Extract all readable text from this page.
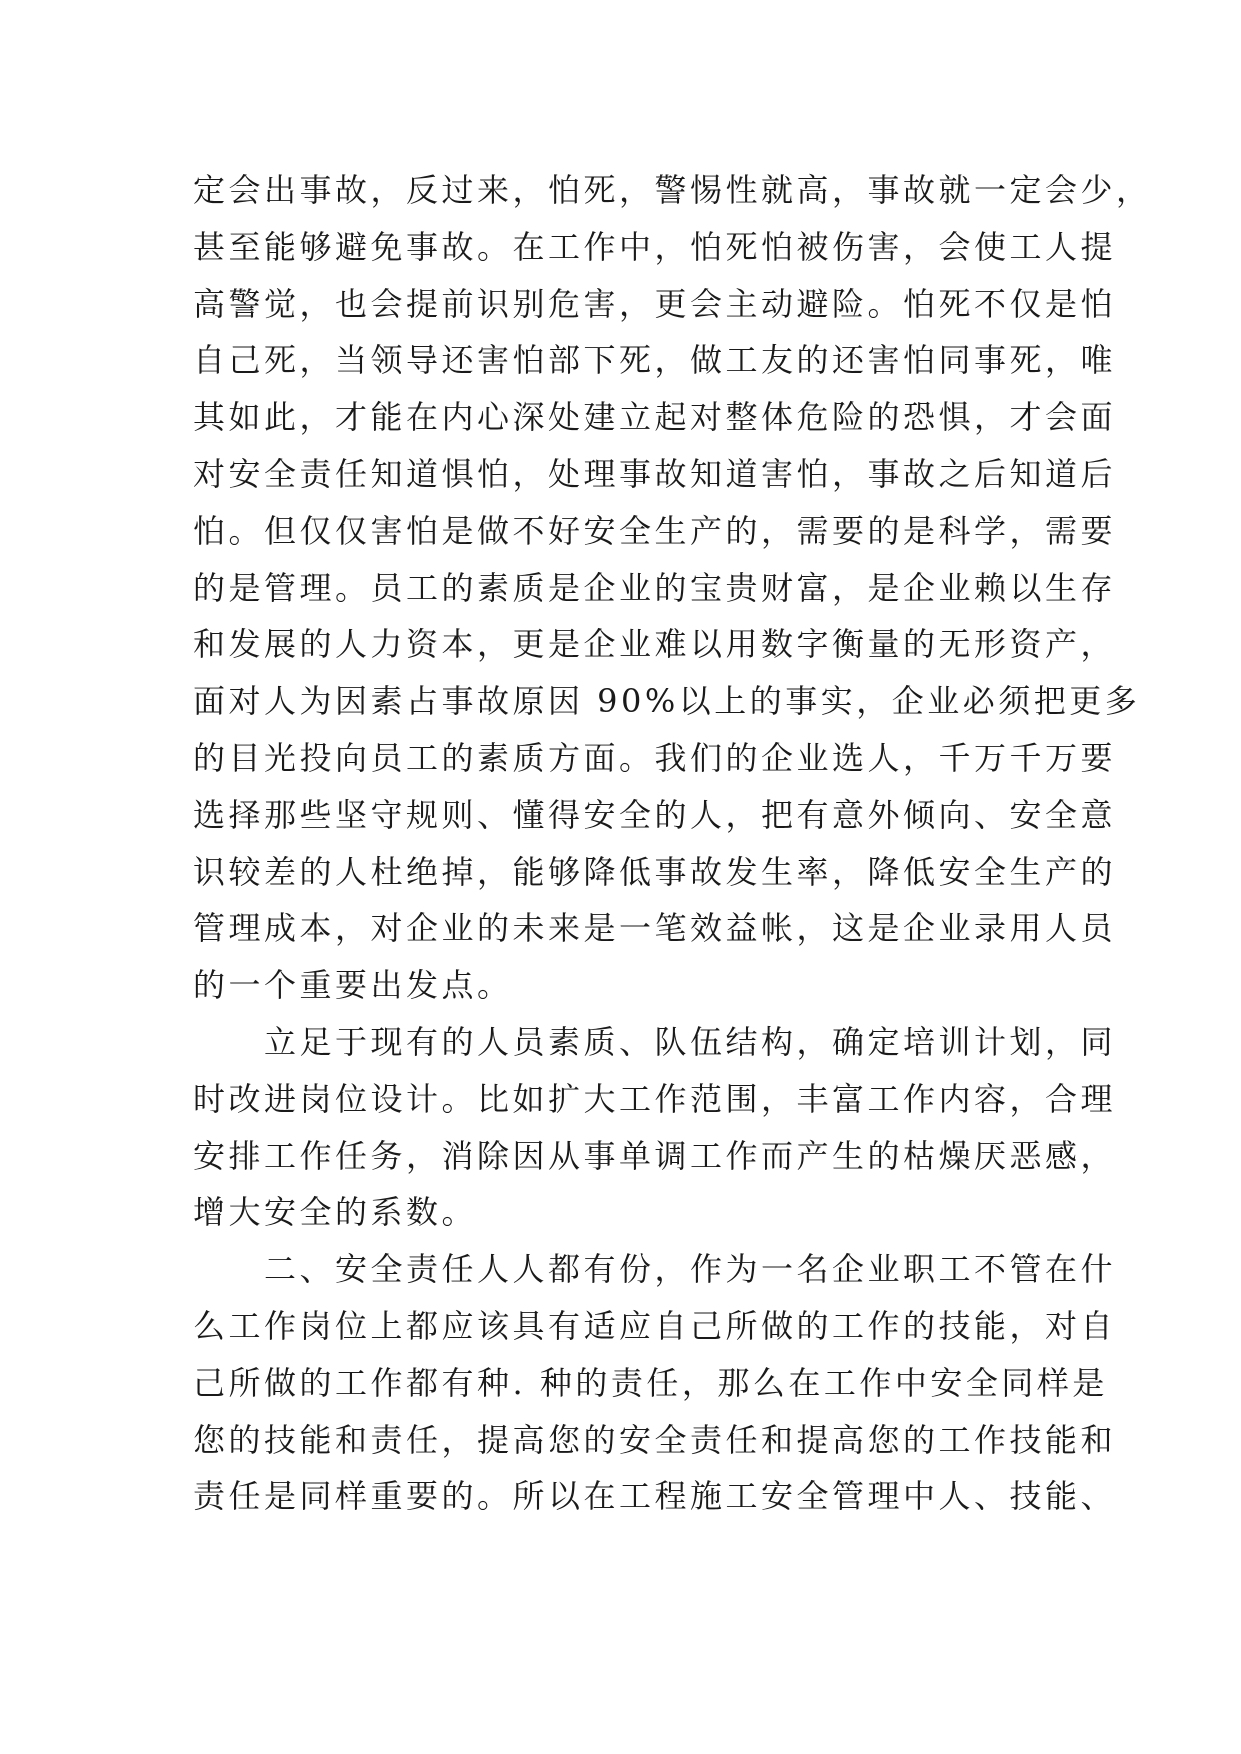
定会出事故，反过来，怕死，警惕性就高，事故就一定会少，
甚至能够避免事故。在工作中，怕死怕被伤害，会使工人提
高警觉，也会提前识别危害，更会主动避险。怕死不仅是怕
自己死，当领导还害怕部下死，做工友的还害怕同事死，唯
其如此，才能在内心深处建立起对整体危险的恐惧，才会面
对安全责任知道惧怕，处理事故知道害怕，事故之后知道后
怕。但仅仅害怕是做不好安全生产的，需要的是科学，需要
的是管理。员工的素质是企业的宝贵财富，是企业赖以生存
和发展的人力资本，更是企业难以用数字衡量的无形资产，
面对人为因素占事故原因 90%以上的事实，企业必须把更多
的目光投向员工的素质方面。我们的企业选人，千万千万要
选择那些坚守规则、懂得安全的人，把有意外倾向、安全意
识较差的人杜绝掉，能够降低事故发生率，降低安全生产的
管理成本，对企业的未来是一笔效益帐，这是企业录用人员
的一个重要出发点。
　　立足于现有的人员素质、队伍结构，确定培训计划，同
时改进岗位设计。比如扩大工作范围，丰富工作内容，合理
安排工作任务，消除因从事单调工作而产生的枯燥厌恶感，
增大安全的系数。
　　二、安全责任人人都有份，作为一名企业职工不管在什
么工作岗位上都应该具有适应自己所做的工作的技能，对自
己所做的工作都有种. 种的责任，那么在工作中安全同样是
您的技能和责任，提高您的安全责任和提高您的工作技能和
责任是同样重要的。所以在工程施工安全管理中人、技能、
